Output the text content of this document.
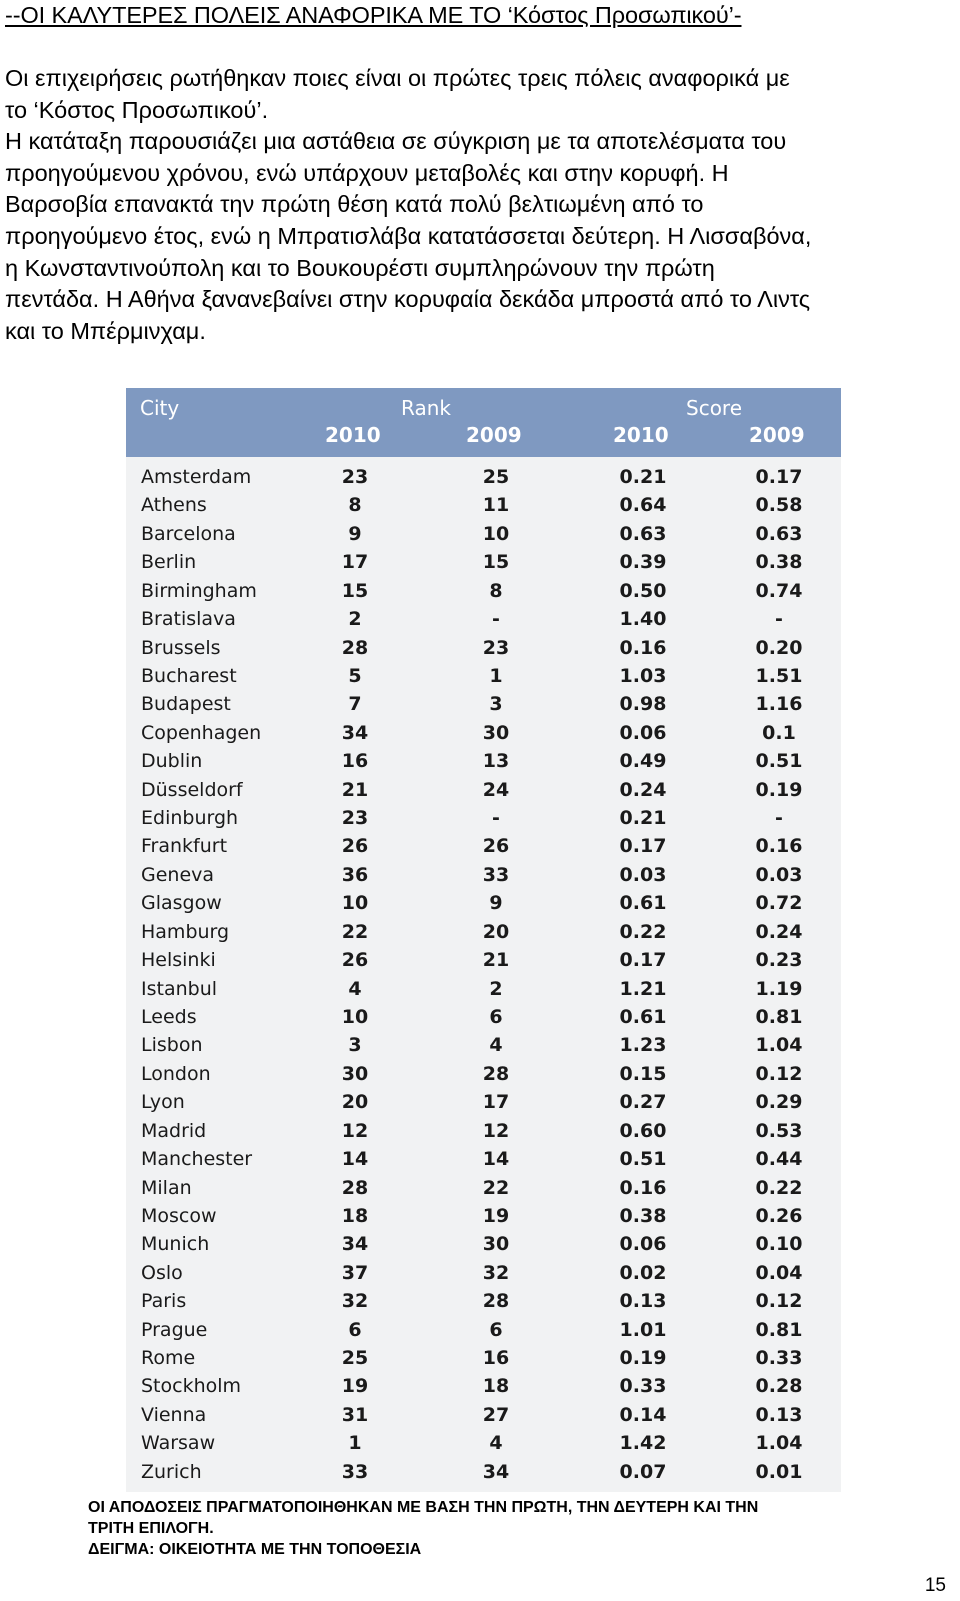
--ΟΙ ΚΑΛΥΤΕΡΕΣ ΠΟΛΕΙΣ ΑΝΑΦΟΡΙΚΑ ΜΕ ΤΟ ‘Κόστος Προσωπικού’-

Οι επιχειρήσεις ρωτήθηκαν ποιες είναι οι πρώτες τρεις πόλεις αναφορικά με

το ‘Κόστος Προσωπικού’.

Η κατάταξη παρουσιάζει μια αστάθεια σε σύγκριση με τα αποτελέσματα του

προηγούμενου χρόνου, ενώ υπάρχουν μεταβολές και στην κορυφή. Η

Βαρσοβία επανακτά την πρώτη θέση κατά πολύ βελτιωμένη από το

προηγούμενο έτος, ενώ η Μπρατισλάβα κατατάσσεται δεύτερη. Η Λισσαβόνα,

η Κωνσταντινούπολη και το Βουκουρέστι συμπληρώνουν την πρώτη

πεντάδα. Η Αθήνα ξανανεβαίνει στην κορυφαία δεκάδα μπροστά από το Λιντς

και το Μπέρμινχαμ.

City	Rank	Score
2010	2009	2010	2009
Amsterdam	23	25	0.21	0.17
Athens	8	11	0.64	0.58
Barcelona	9	10	0.63	0.63
Berlin	17	15	0.39	0.38
Birmingham	15	8	0.50	0.74
Bratislava	2	-	1.40	-
Brussels	28	23	0.16	0.20
Bucharest	5	1	1.03	1.51
Budapest	7	3	0.98	1.16
Copenhagen	34	30	0.06	0.1
Dublin	16	13	0.49	0.51
Düsseldorf	21	24	0.24	0.19
Edinburgh	23	-	0.21	-
Frankfurt	26	26	0.17	0.16
Geneva	36	33	0.03	0.03
Glasgow	10	9	0.61	0.72
Hamburg	22	20	0.22	0.24
Helsinki	26	21	0.17	0.23
Istanbul	4	2	1.21	1.19
Leeds	10	6	0.61	0.81
Lisbon	3	4	1.23	1.04
London	30	28	0.15	0.12
Lyon	20	17	0.27	0.29
Madrid	12	12	0.60	0.53
Manchester	14	14	0.51	0.44
Milan	28	22	0.16	0.22
Moscow	18	19	0.38	0.26
Munich	34	30	0.06	0.10
Oslo	37	32	0.02	0.04
Paris	32	28	0.13	0.12
Prague	6	6	1.01	0.81
Rome	25	16	0.19	0.33
Stockholm	19	18	0.33	0.28
Vienna	31	27	0.14	0.13
Warsaw	1	4	1.42	1.04
Zurich	33	34	0.07	0.01
ΟΙ ΑΠΟΔΟΣΕΙΣ ΠΡΑΓΜΑΤΟΠΟΙΗΘΗΚΑΝ ΜΕ ΒΑΣΗ ΤΗΝ ΠΡΩΤΗ, ΤΗΝ ΔΕΥΤΕΡΗ ΚΑΙ ΤΗΝ
ΤΡΙΤΗ ΕΠΙΛΟΓΗ.
ΔΕΙΓΜΑ: ΟΙΚΕΙΟΤΗΤΑ ΜΕ ΤΗΝ ΤΟΠΟΘΕΣΙΑ
15
